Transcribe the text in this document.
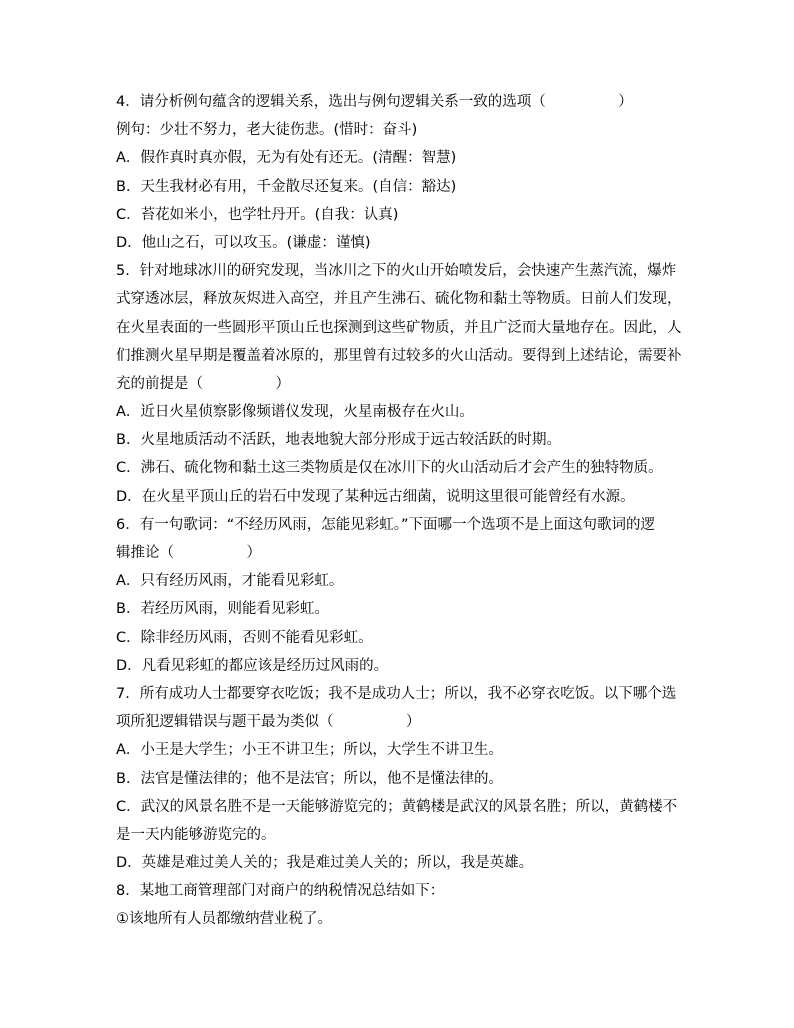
4．请分析例句蕴含的逻辑关系，选出与例句逻辑关系一致的选项（　　　　　）
例句：少壮不努力，老大徒伤悲。(惜时：奋斗)
A．假作真时真亦假，无为有处有还无。(清醒：智慧)
B．天生我材必有用，千金散尽还复来。(自信：豁达)
C．苔花如米小，也学牡丹开。(自我：认真)
D．他山之石，可以攻玉。(谦虚：谨慎)
5．针对地球冰川的研究发现，当冰川之下的火山开始喷发后，会快速产生蒸汽流，爆炸
式穿透冰层，释放灰烬进入高空，并且产生沸石、硫化物和黏土等物质。日前人们发现，
在火星表面的一些圆形平顶山丘也探测到这些矿物质，并且广泛而大量地存在。因此，人
们推测火星早期是覆盖着冰原的，那里曾有过较多的火山活动。要得到上述结论，需要补
充的前提是（　　　　　）
A．近日火星侦察影像频谱仪发现，火星南极存在火山。
B．火星地质活动不活跃，地表地貌大部分形成于远古较活跃的时期。
C．沸石、硫化物和黏土这三类物质是仅在冰川下的火山活动后才会产生的独特物质。
D．在火星平顶山丘的岩石中发现了某种远古细菌，说明这里很可能曾经有水源。
6．有一句歌词：“不经历风雨，怎能见彩虹。”下面哪一个选项不是上面这句歌词的逻
辑推论（　　　　　）
A．只有经历风雨，才能看见彩虹。
B．若经历风雨，则能看见彩虹。
C．除非经历风雨，否则不能看见彩虹。
D．凡看见彩虹的都应该是经历过风雨的。
7．所有成功人士都要穿衣吃饭；我不是成功人士；所以，我不必穿衣吃饭。以下哪个选
项所犯逻辑错误与题干最为类似（　　　　　）
A．小王是大学生；小王不讲卫生；所以，大学生不讲卫生。
B．法官是懂法律的；他不是法官；所以，他不是懂法律的。
C．武汉的风景名胜不是一天能够游览完的；黄鹤楼是武汉的风景名胜；所以，黄鹤楼不
是一天内能够游览完的。
D．英雄是难过美人关的；我是难过美人关的；所以，我是英雄。
8．某地工商管理部门对商户的纳税情况总结如下：
①该地所有人员都缴纳营业税了。
